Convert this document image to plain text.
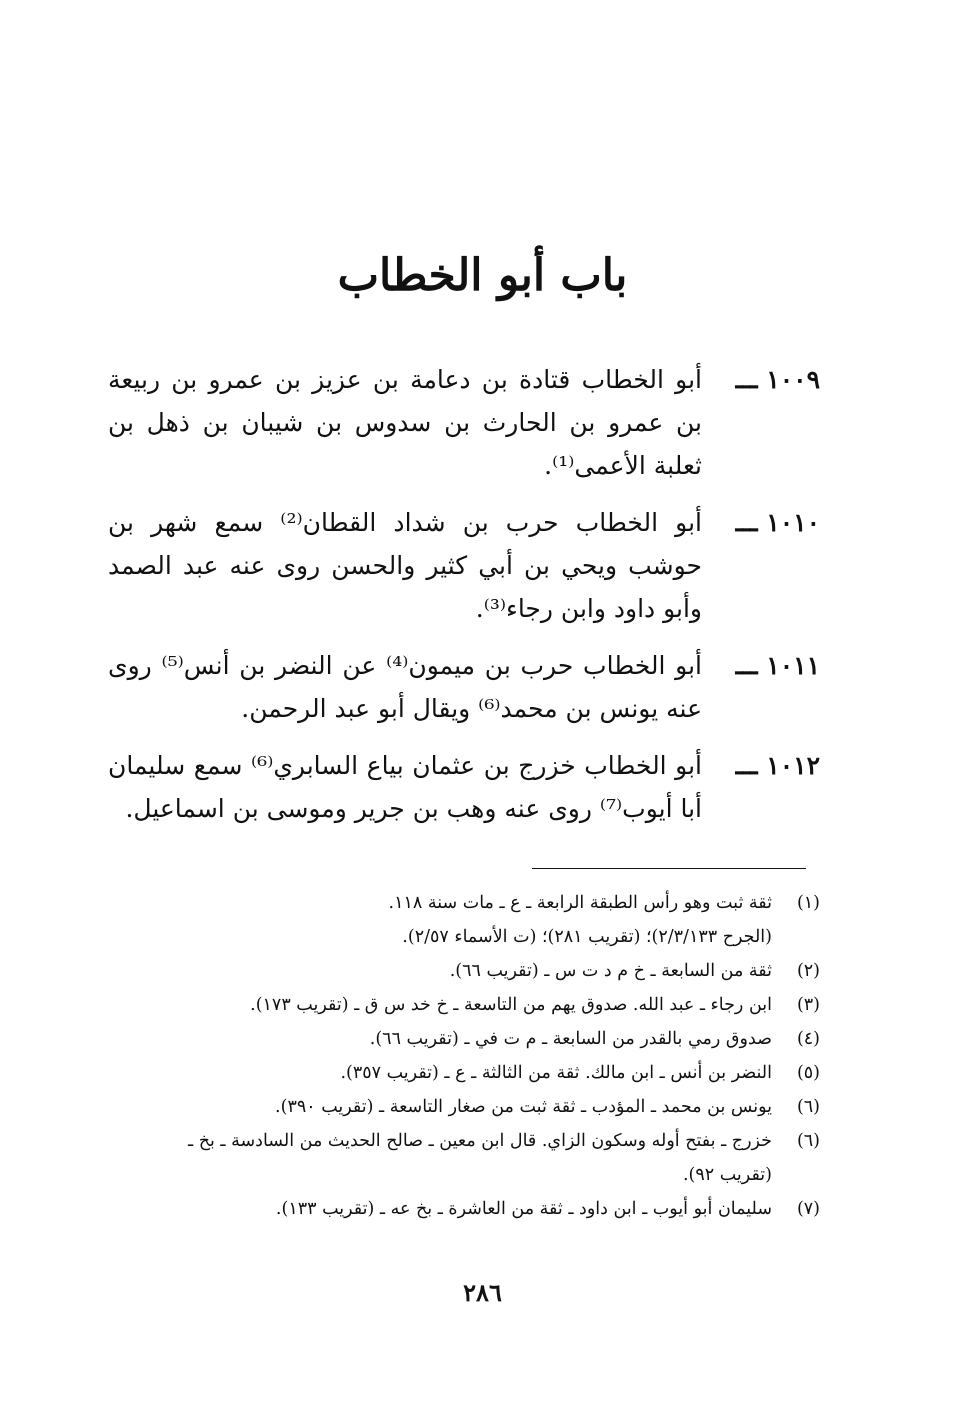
باب أبو الخطاب
١٠٠٩ ـــ
أبو الخطاب قتادة بن دعامة بن عزيز بن عمرو بن ربيعة بن عمرو بن الحارث بن سدوس بن شيبان بن ذهل بن ثعلبة الأعمى⁽¹⁾.
١٠١٠ ـــ
أبو الخطاب حرب بن شداد القطان⁽²⁾ سمع شهر بن حوشب ويحي بن أبي كثير والحسن روى عنه عبد الصمد وأبو داود وابن رجاء⁽³⁾.
١٠١١ ـــ
أبو الخطاب حرب بن ميمون⁽⁴⁾ عن النضر بن أنس⁽⁵⁾ روى عنه يونس بن محمد⁽⁶⁾ ويقال أبو عبد الرحمن.
١٠١٢ ـــ
أبو الخطاب خزرج بن عثمان بياع السابري⁽⁶⁾ سمع سليمان أبا أيوب⁽⁷⁾ روى عنه وهب بن جرير وموسى بن اسماعيل.
(١)
ثقة ثبت وهو رأس الطبقة الرابعة ـ ع ـ مات سنة ١١٨.
(الجرح ٢/٣/١٣٣)؛ (تقريب ٢٨١)؛ (ت الأسماء ٢/٥٧).
(٢)
ثقة من السابعة ـ خ م د ت س ـ (تقريب ٦٦).
(٣)
ابن رجاء ـ عبد الله. صدوق يهم من التاسعة ـ خ خد س ق ـ (تقريب ١٧٣).
(٤)
صدوق رمي بالقدر من السابعة ـ م ت في ـ (تقريب ٦٦).
(٥)
النضر بن أنس ـ ابن مالك. ثقة من الثالثة ـ ع ـ (تقريب ٣٥٧).
(٦)
يونس بن محمد ـ المؤدب ـ ثقة ثبت من صغار التاسعة ـ (تقريب ٣٩٠).
(٦)
خزرج ـ بفتح أوله وسكون الزاي. قال ابن معين ـ صالح الحديث من السادسة ـ بخ ـ (تقريب ٩٢).
(٧)
سليمان أبو أيوب ـ ابن داود ـ ثقة من العاشرة ـ بخ عه ـ (تقريب ١٣٣).
٢٨٦
